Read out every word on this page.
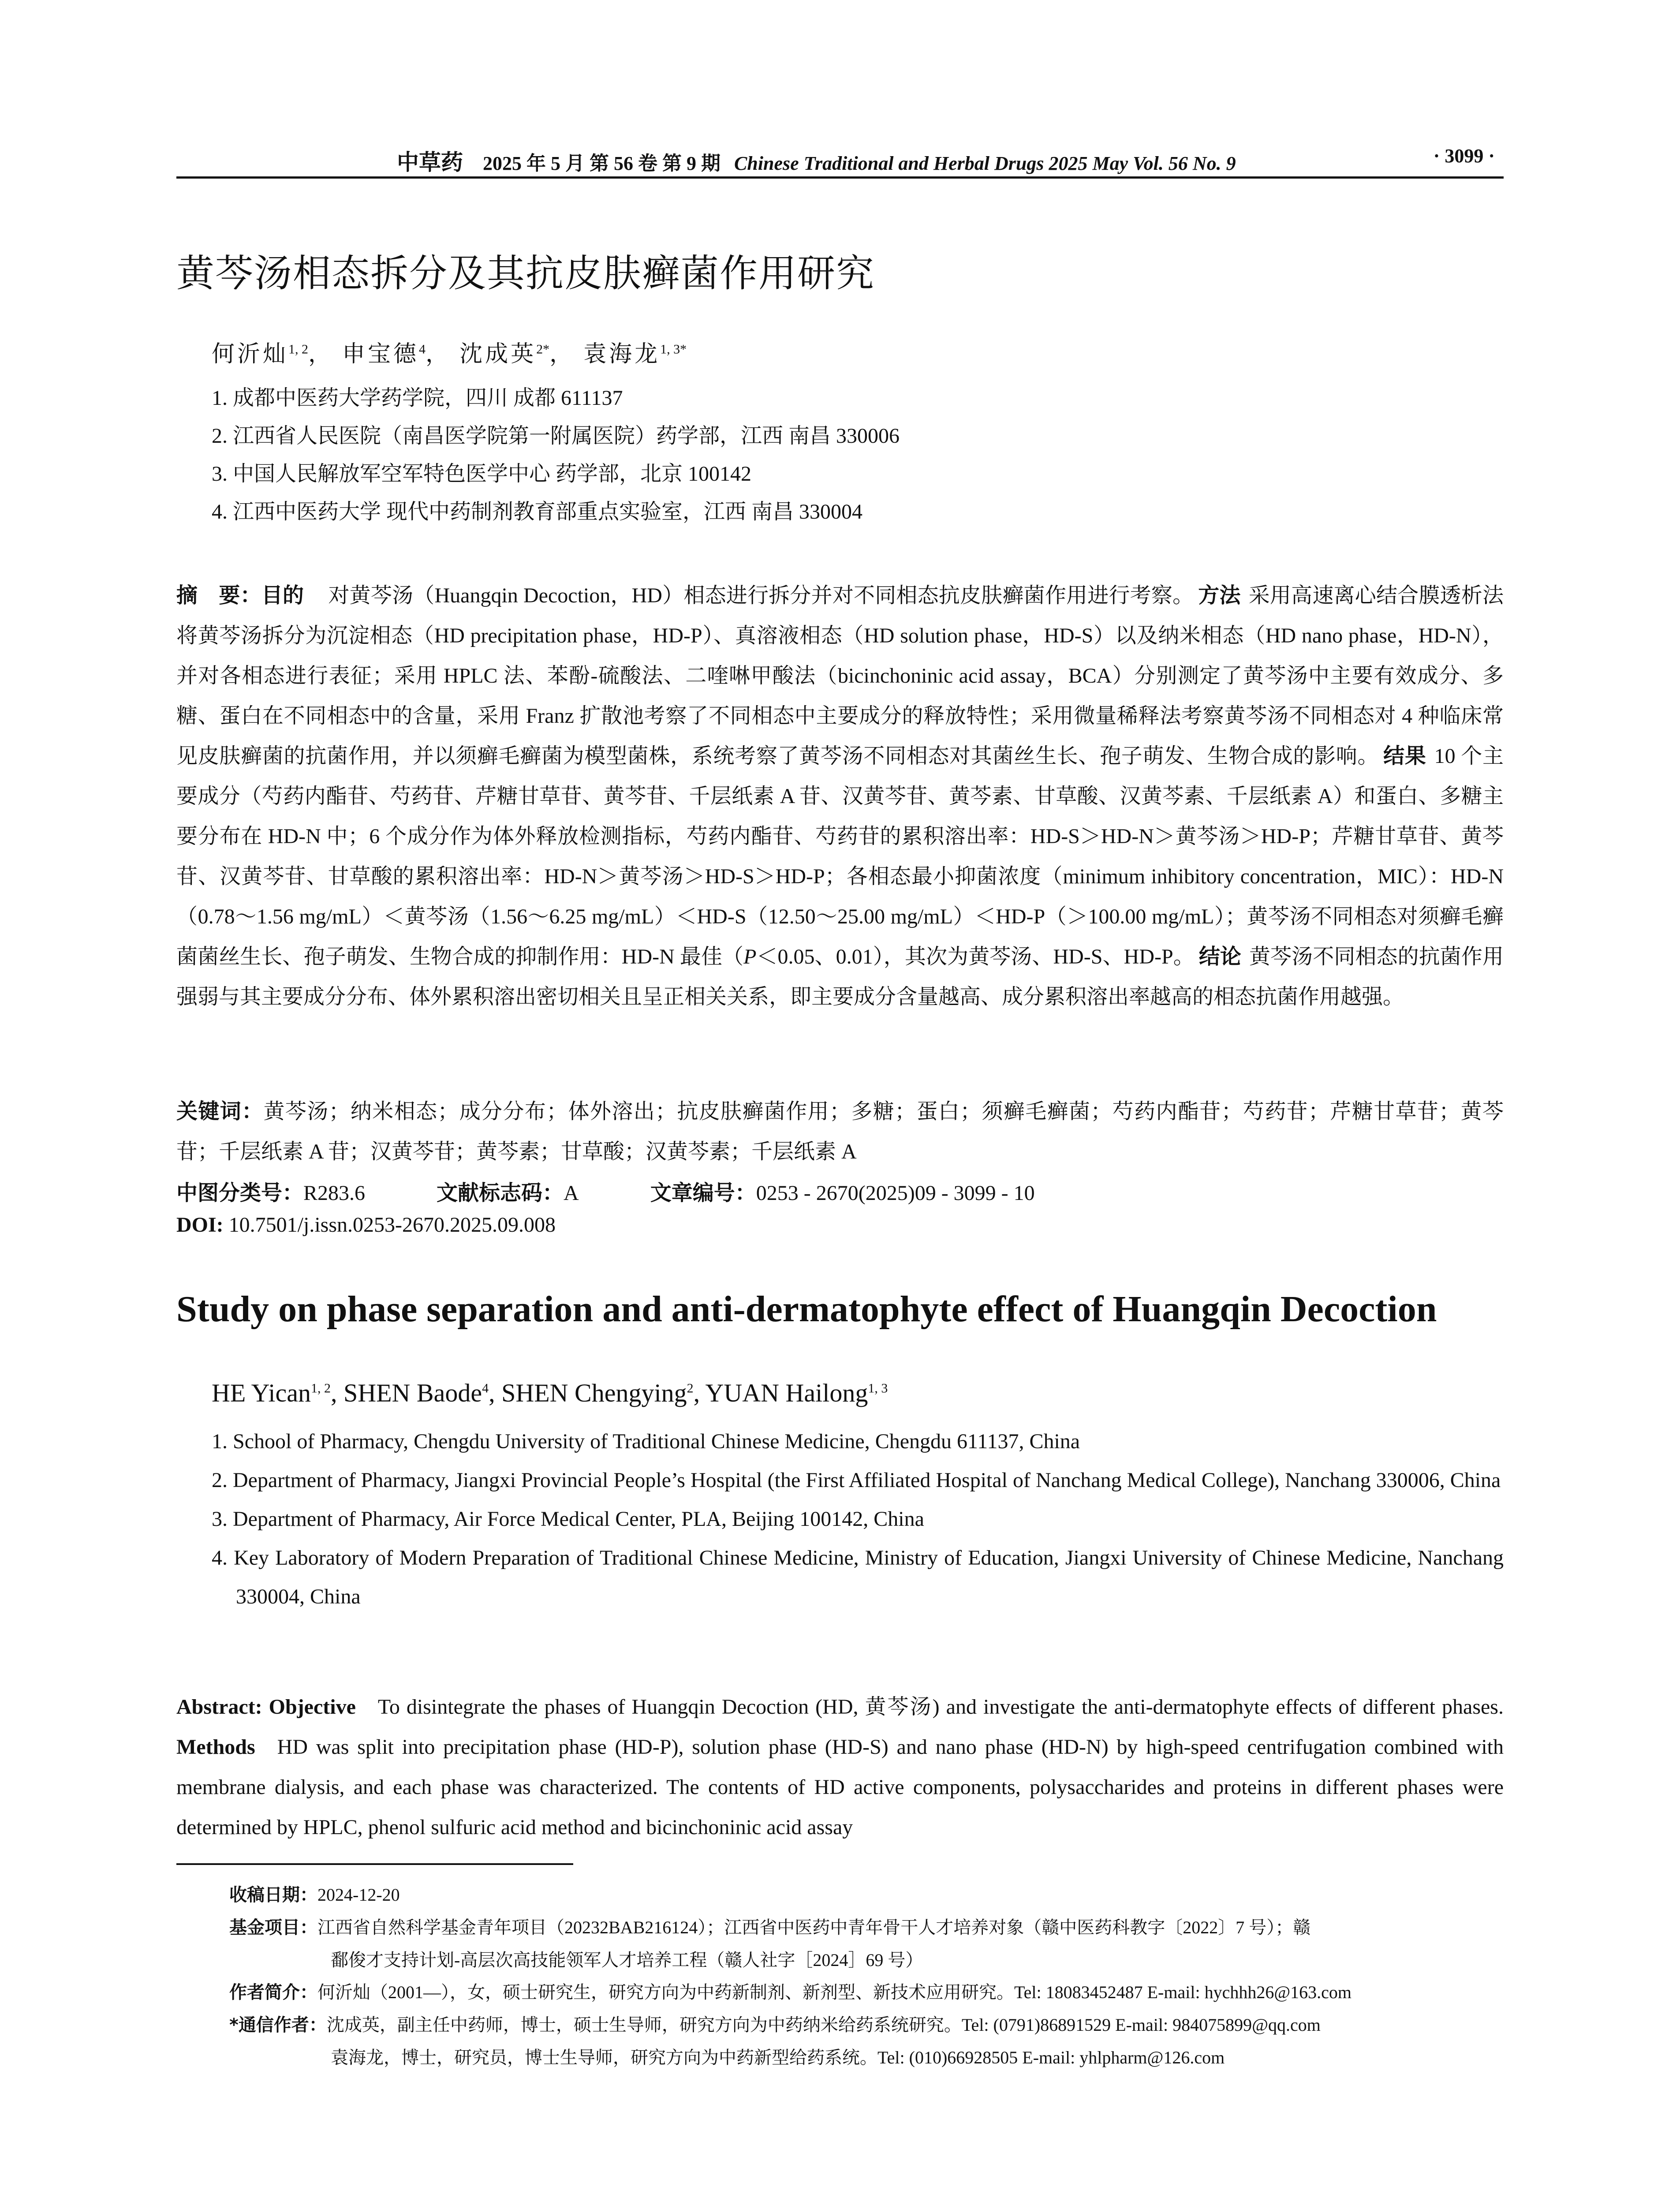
中草药 2025 年 5 月 第 56 卷 第 9 期 Chinese Traditional and Herbal Drugs 2025 May Vol. 56 No. 9	· 3099 ·
黄芩汤相态拆分及其抗皮肤癣菌作用研究
何沂灿$^{1, 2}$， 申宝德$^4$， 沈成英$^{2*}$， 袁海龙$^{1, 3*}$
1. 成都中医药大学药学院，四川 成都 611137
2. 江西省人民医院（南昌医学院第一附属医院）药学部，江西 南昌 330006
3. 中国人民解放军空军特色医学中心 药学部，北京 100142
4. 江西中医药大学 现代中药制剂教育部重点实验室，江西 南昌 330004
摘　要：目的 对黄芩汤（Huangqin Decoction，HD）相态进行拆分并对不同相态抗皮肤癣菌作用进行考察。 方法 采用高速离心结合膜透析法将黄芩汤拆分为沉淀相态（HD precipitation phase，HD-P）、真溶液相态（HD solution phase，HD-S）以及纳米相态（HD nano phase，HD-N），并对各相态进行表征；采用 HPLC 法、苯酚-硫酸法、二喹啉甲酸法（bicinchoninic acid assay，BCA）分别测定了黄芩汤中主要有效成分、多糖、蛋白在不同相态中的含量，采用 Franz 扩散池考察了不同相态中主要成分的释放特性；采用微量稀释法考察黄芩汤不同相态对 4 种临床常见皮肤癣菌的抗菌作用，并以须癣毛癣菌为模型菌株，系统考察了黄芩汤不同相态对其菌丝生长、孢子萌发、生物合成的影响。 结果 10 个主要成分（芍药内酯苷、芍药苷、芹糖甘草苷、黄芩苷、千层纸素 A 苷、汉黄芩苷、黄芩素、甘草酸、汉黄芩素、千层纸素 A）和蛋白、多糖主要分布在 HD-N 中；6 个成分作为体外释放检测指标，芍药内酯苷、芍药苷的累积溶出率：HD-S＞HD-N＞黄芩汤＞HD-P；芹糖甘草苷、黄芩苷、汉黄芩苷、甘草酸的累积溶出率：HD-N＞黄芩汤＞HD-S＞HD-P；各相态最小抑菌浓度（minimum inhibitory concentration，MIC）：HD-N（0.78～1.56 mg/mL）＜黄芩汤（1.56～6.25 mg/mL）＜HD-S（12.50～25.00 mg/mL）＜HD-P（＞100.00 mg/mL）；黄芩汤不同相态对须癣毛癣菌菌丝生长、孢子萌发、生物合成的抑制作用：HD-N 最佳（P＜0.05、0.01），其次为黄芩汤、HD-S、HD-P。 结论 黄芩汤不同相态的抗菌作用强弱与其主要成分分布、体外累积溶出密切相关且呈正相关关系，即主要成分含量越高、成分累积溶出率越高的相态抗菌作用越强。
关键词：黄芩汤；纳米相态；成分分布；体外溶出；抗皮肤癣菌作用；多糖；蛋白；须癣毛癣菌；芍药内酯苷；芍药苷；芹糖甘草苷；黄芩苷；千层纸素 A 苷；汉黄芩苷；黄芩素；甘草酸；汉黄芩素；千层纸素 A
中图分类号：R283.6	文献标志码：A	文章编号：0253 - 2670(2025)09 - 3099 - 10
DOI: 10.7501/j.issn.0253-2670.2025.09.008
Study on phase separation and anti-dermatophyte effect of Huangqin Decoction
HE Yican$^{1, 2}$, SHEN Baode$^4$, SHEN Chengying$^2$, YUAN Hailong$^{1, 3}$
1. School of Pharmacy, Chengdu University of Traditional Chinese Medicine, Chengdu 611137, China
2. Department of Pharmacy, Jiangxi Provincial People’s Hospital (the First Affiliated Hospital of Nanchang Medical College), Nanchang 330006, China
3. Department of Pharmacy, Air Force Medical Center, PLA, Beijing 100142, China
4. Key Laboratory of Modern Preparation of Traditional Chinese Medicine, Ministry of Education, Jiangxi University of Chinese Medicine, Nanchang 330004, China
Abstract: Objective To disintegrate the phases of Huangqin Decoction (HD, 黄芩汤) and investigate the anti-dermatophyte effects of different phases. Methods HD was split into precipitation phase (HD-P), solution phase (HD-S) and nano phase (HD-N) by high-speed centrifugation combined with membrane dialysis, and each phase was characterized. The contents of HD active components, polysaccharides and proteins in different phases were determined by HPLC, phenol sulfuric acid method and bicinchoninic acid assay
收稿日期：2024-12-20
基金项目：江西省自然科学基金青年项目（20232BAB216124）；江西省中医药中青年骨干人才培养对象（赣中医药科教字〔2022〕7 号）；赣
鄱俊才支持计划-高层次高技能领军人才培养工程（赣人社字［2024］69 号）
作者简介：何沂灿（2001—），女，硕士研究生，研究方向为中药新制剂、新剂型、新技术应用研究。Tel: 18083452487 E-mail: hychhh26@163.com
*通信作者：沈成英，副主任中药师，博士，硕士生导师，研究方向为中药纳米给药系统研究。Tel: (0791)86891529 E-mail: 984075899@qq.com
袁海龙，博士，研究员，博士生导师，研究方向为中药新型给药系统。Tel: (010)66928505 E-mail: yhlpharm@126.com
